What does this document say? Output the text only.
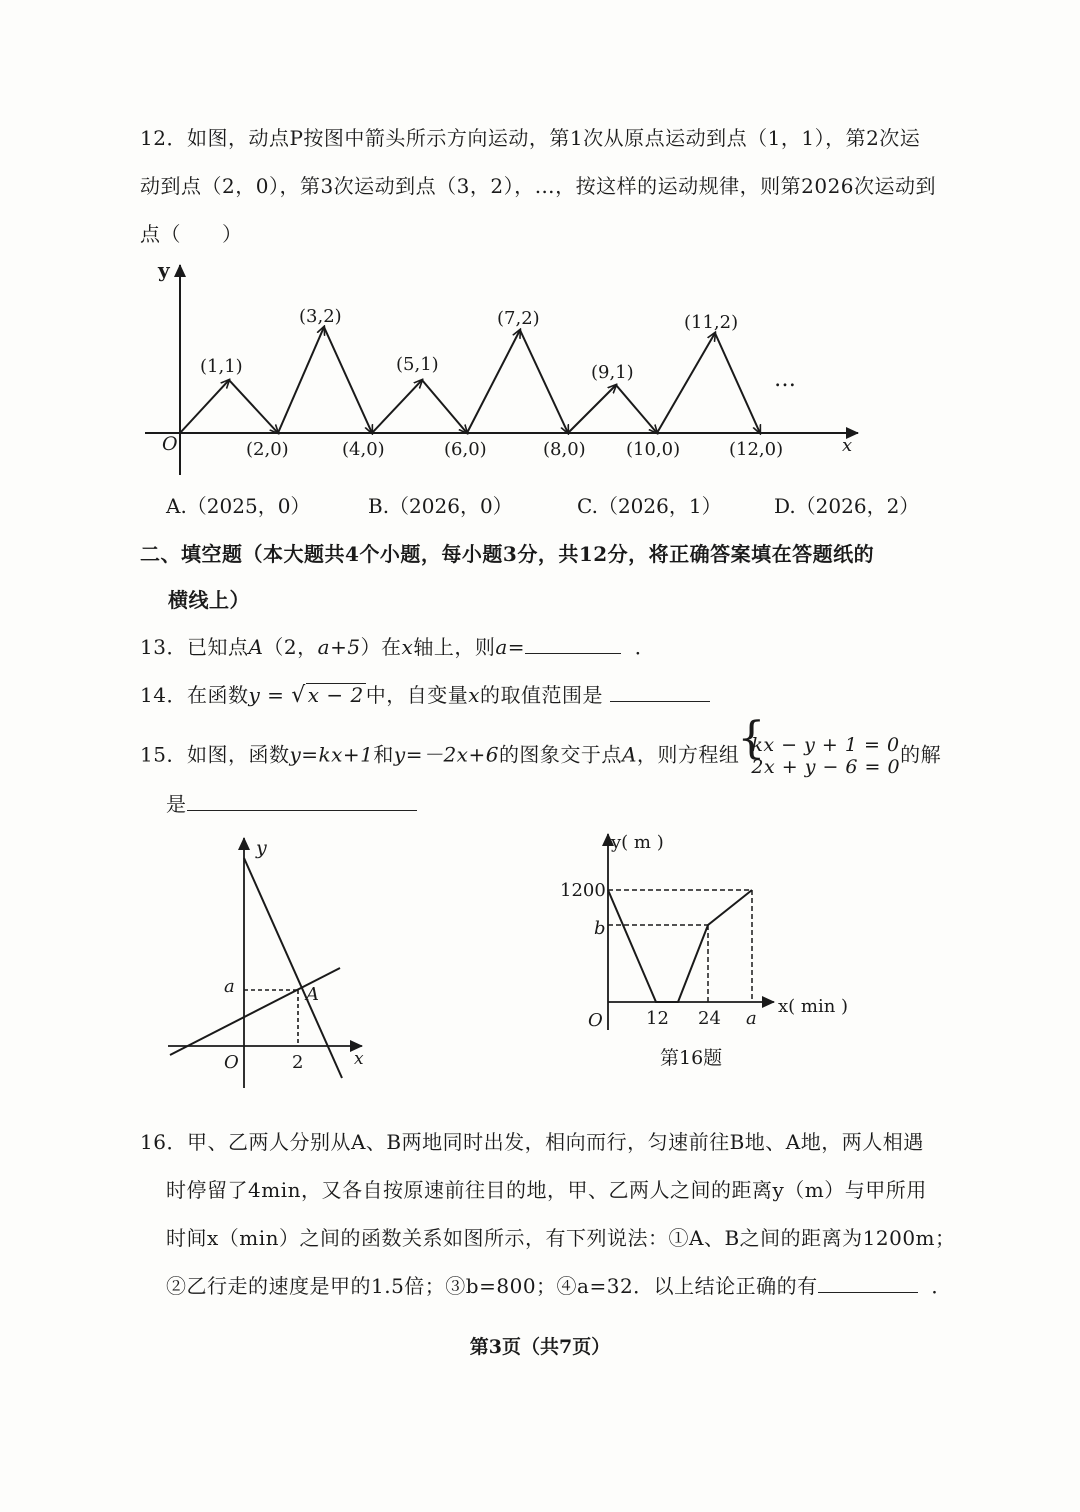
12．如图，动点P按图中箭头所示方向运动，第1次从原点运动到点（1，1），第2次运
动到点（2，0），第3次运动到点（3，2），…，按这样的运动规律，则第2026次运动到
点（　　）
y
x
O
(1,1)
(3,2)
(5,1)
(7,2)
(9,1)
(11,2)
…
(2,0)	(4,0)	(6,0)	(8,0) (10,0)	(12,0)
A.（2025，0）	B.（2026，0）	C.（2026，1）	D.（2026，2）
二、填空题（本大题共4个小题，每小题3分，共12分，将正确答案填在答题纸的
横线上）
13．已知点A（2，a+5）在x轴上，则a=	．
14．在函数y = √ x − 2 中，自变量x的取值范围是
15．如图，函数y=kx+1和y=－2x+6的图象交于点A，则方程组
{ kx − y + 1 = 0
2x + y − 6 = 0
的解
是
y
x
O
a	A
2
y( m )
x( min )
O
1200
b
12 24 a
第16题
16．甲、乙两人分别从A、B两地同时出发，相向而行，匀速前往B地、A地，两人相遇
时停留了4min，又各自按原速前往目的地，甲、乙两人之间的距离y（m）与甲所用
时间x（min）之间的函数关系如图所示，有下列说法：①A、B之间的距离为1200m；
②乙行走的速度是甲的1.5倍；③b=800；④a=32．以上结论正确的有	．
第3页（共7页）
